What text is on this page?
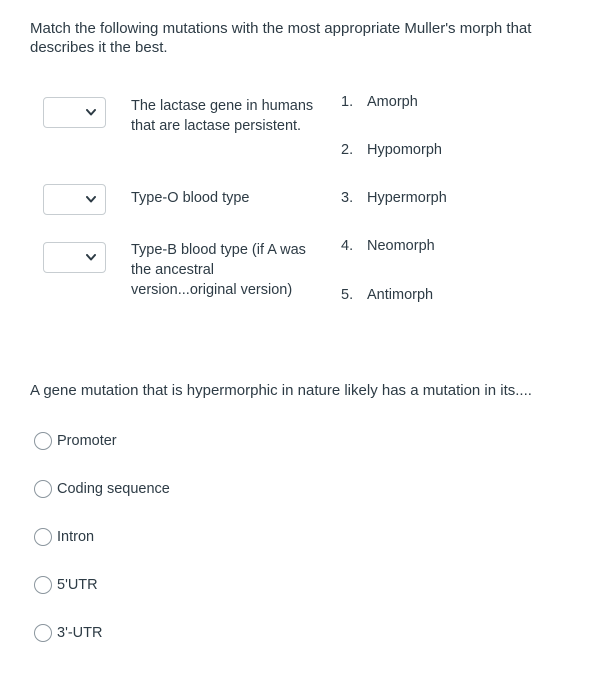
Match the following mutations with the most appropriate Muller's morph that describes it the best.
The lactase gene in humans that are lactase persistent.
Type-O blood type
Type-B blood type (if A was the ancestral version...original version)
1. Amorph
2. Hypomorph
3. Hypermorph
4. Neomorph
5. Antimorph
A gene mutation that is hypermorphic in nature likely has a mutation in its....
Promoter
Coding sequence
Intron
5'UTR
3'-UTR
